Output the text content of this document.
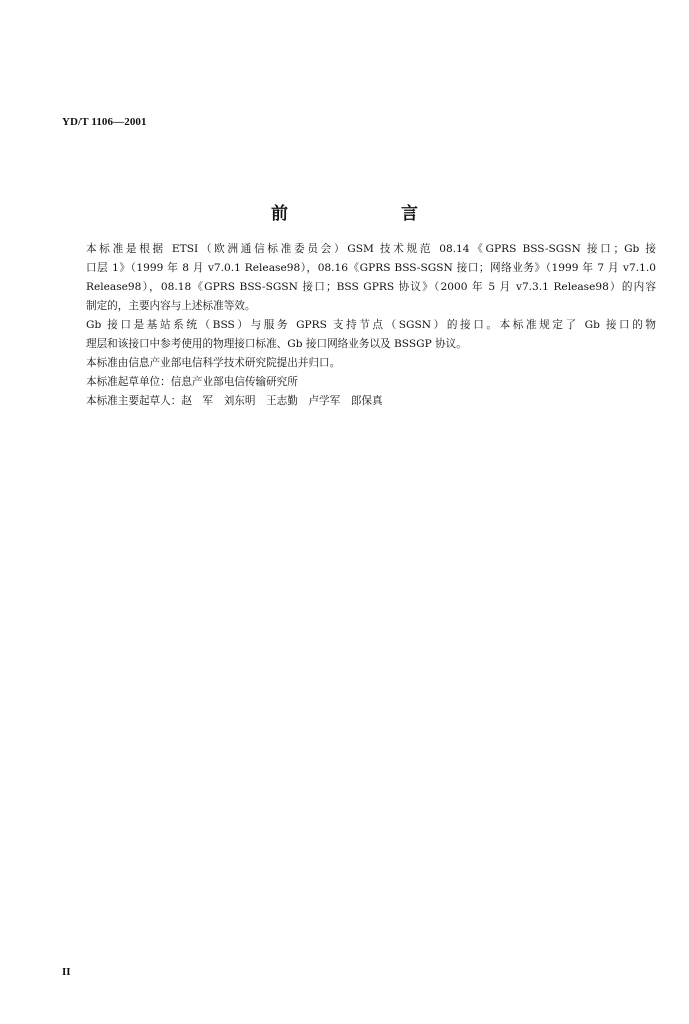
YD/T 1106—2001
前　言

本标准是根据 ETSI（欧洲通信标准委员会）GSM 技术规范 08.14《GPRS BSS-SGSN 接口；Gb 接
口层 1》（1999 年 8 月 v7.0.1 Release98），08.16《GPRS BSS-SGSN 接口；网络业务》（1999 年 7 月 v7.1.0
Release98），08.18《GPRS BSS-SGSN 接口；BSS GPRS 协议》（2000 年 5 月 v7.3.1 Release98）的内容
制定的，主要内容与上述标准等效。

Gb 接口是基站系统（BSS）与服务 GPRS 支持节点（SGSN）的接口。本标准规定了 Gb 接口的物
理层和该接口中参考使用的物理接口标准、Gb 接口网络业务以及 BSSGP 协议。

本标准由信息产业部电信科学技术研究院提出并归口。

本标准起草单位：信息产业部电信传输研究所

本标准主要起草人：赵　军　刘东明　王志勤　卢学军　郎保真

II
